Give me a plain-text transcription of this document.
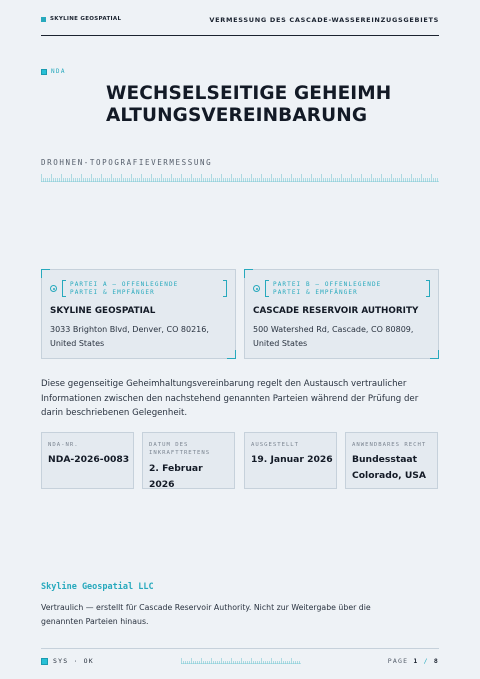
SKYLINE GEOSPATIAL	VERMESSUNG DES CASCADE-WASSEREINZUGSGEBIETS
NDA
WECHSELSEITIGE GEHEIMHALTUNGSVEREINBARUNG
DROHNEN-TOPOGRAFIEVERMESSUNG
PARTEI A — OFFENLEGENDE
PARTEI & EMPFÄNGER
SKYLINE GEOSPATIAL
3033 Brighton Blvd, Denver, CO 80216, United States
PARTEI B — OFFENLEGENDE
PARTEI & EMPFÄNGER
CASCADE RESERVOIR AUTHORITY
500 Watershed Rd, Cascade, CO 80809, United States

Diese gegenseitige Geheimhaltungsvereinbarung regelt den Austausch vertraulicher Informationen zwischen den nachstehend genannten Parteien während der Prüfung der darin beschriebenen Gelegenheit.

NDA-NR.
NDA-2026-0083
DATUM DES INKRAFTTRETENS
2. Februar 2026
AUSGESTELLT
19. Januar 2026
ANWENDBARES RECHT
Bundesstaat Colorado, USA
Skyline Geospatial LLC

Vertraulich — erstellt für Cascade Reservoir Authority. Nicht zur Weitergabe über die genannten Parteien hinaus.

SYS · OK	PAGE 1 / 8
